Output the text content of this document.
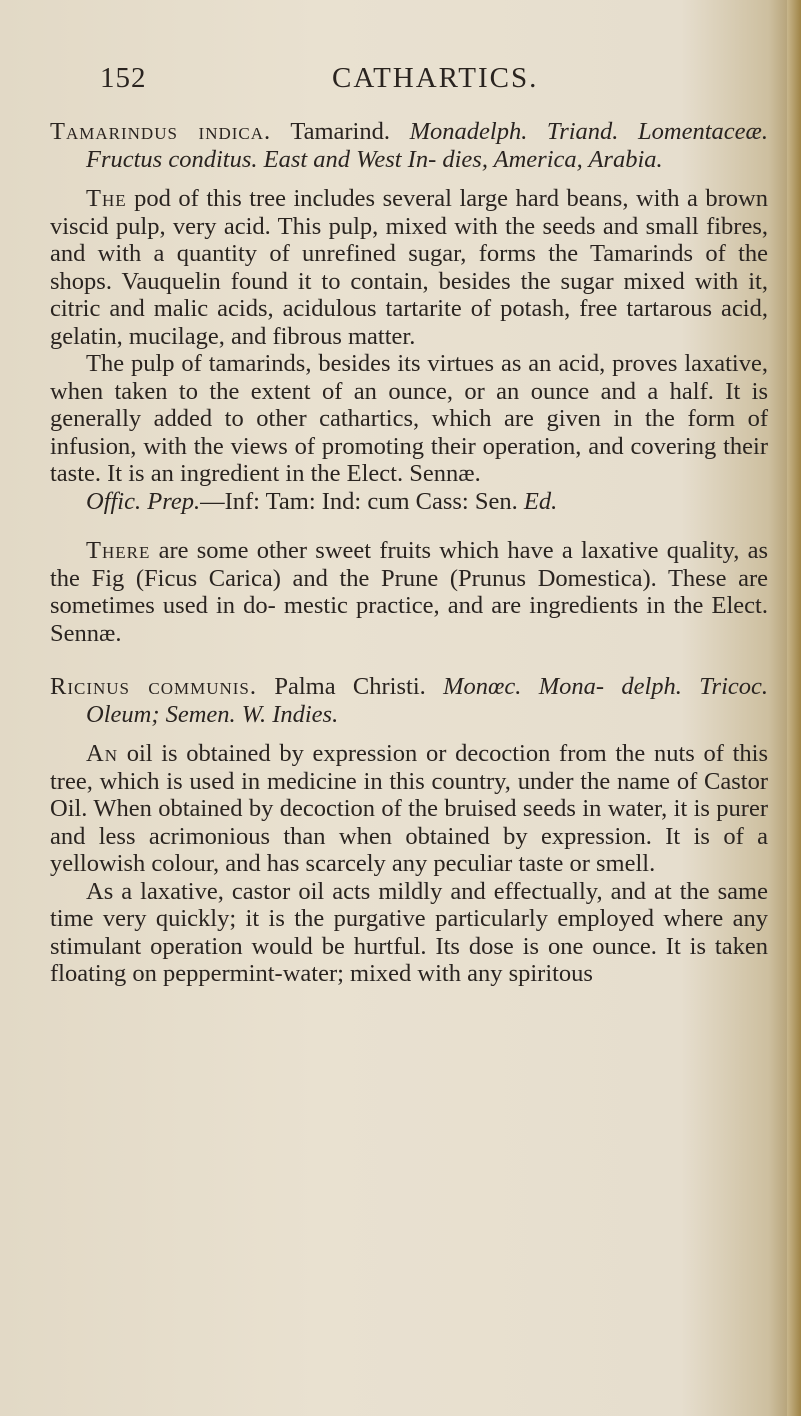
152	CATHARTICS.
Tamarindus indica. Tamarind. Monadelph. Triand. Lomentaceæ. Fructus conditus. East and West In- dies, America, Arabia.

The pod of this tree includes several large hard beans, with a brown viscid pulp, very acid. This pulp, mixed with the seeds and small fibres, and with a quantity of unrefined sugar, forms the Tamarinds of the shops. Vauquelin found it to contain, besides the sugar mixed with it, citric and malic acids, acidulous tartarite of potash, free tartarous acid, gelatin, mucilage, and fibrous matter.

The pulp of tamarinds, besides its virtues as an acid, proves laxative, when taken to the extent of an ounce, or an ounce and a half. It is generally added to other cathartics, which are given in the form of infusion, with the views of promoting their operation, and covering their taste. It is an ingredient in the Elect. Sennæ.

Offic. Prep.—Inf: Tam: Ind: cum Cass: Sen. Ed.

There are some other sweet fruits which have a laxative quality, as the Fig (Ficus Carica) and the Prune (Prunus Domestica). These are sometimes used in do- mestic practice, and are ingredients in the Elect. Sennæ.

Ricinus communis. Palma Christi. Monœc. Mona- delph. Tricoc. Oleum; Semen. W. Indies.

An oil is obtained by expression or decoction from the nuts of this tree, which is used in medicine in this country, under the name of Castor Oil. When obtained by decoction of the bruised seeds in water, it is purer and less acrimonious than when obtained by expression. It is of a yellowish colour, and has scarcely any peculiar taste or smell.

As a laxative, castor oil acts mildly and effectually, and at the same time very quickly; it is the purgative particularly employed where any stimulant operation would be hurtful. Its dose is one ounce. It is taken floating on peppermint-water; mixed with any spiritous
